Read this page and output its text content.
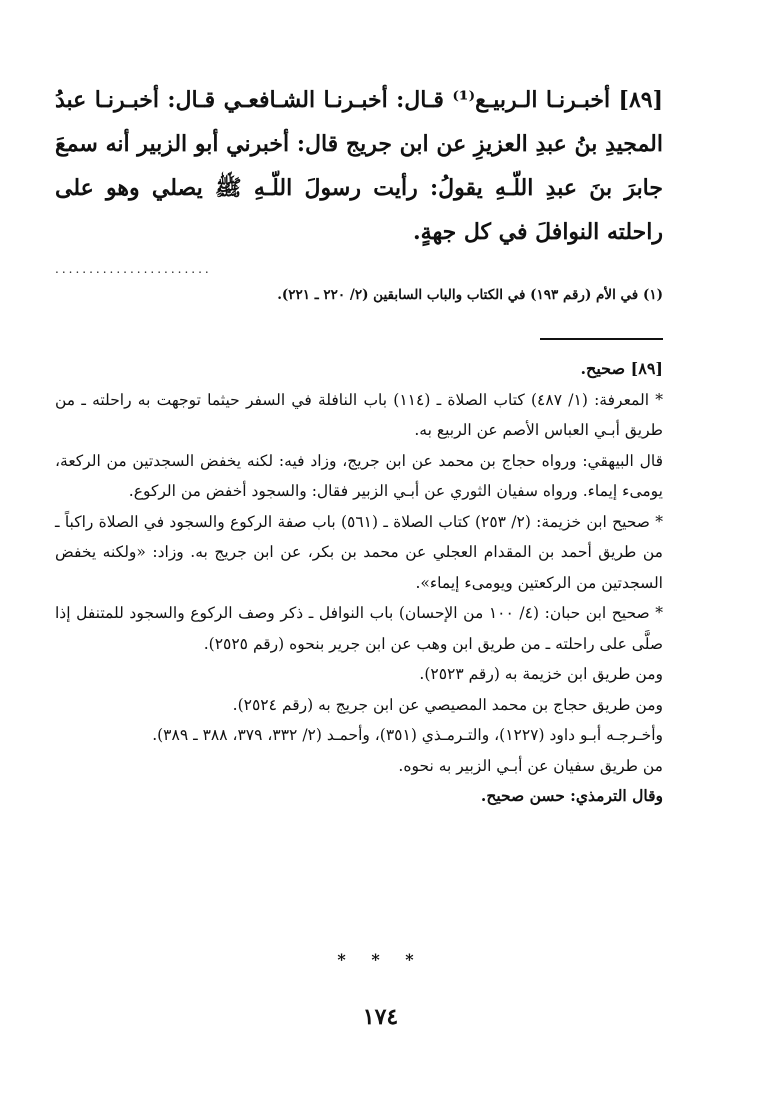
[٨٩] أخبـرنـا الـربيـع⁽¹⁾ قـال: أخبـرنـا الشـافعـي قـال: أخبـرنـا عبدُ المجيدِ بنُ عبدِ العزيزِ عن ابن جريج قال: أخبرني أبو الزبير أنه سمعَ جابرَ بنَ عبدِ اللّـهِ يقولُ: رأيت رسولَ اللّـهِ ﷺ يصلي وهو على راحلته النوافلَ في كل جهةٍ.

.......................
(١) في الأم (رقم ١٩٣) في الكتاب والباب السابقين (٢/ ٢٢٠ ـ ٢٢١).

[٨٩] صحيح.

* المعرفة: (١/ ٤٨٧) كتاب الصلاة ـ (١١٤) باب النافلة في السفر حيثما توجهت به راحلته ـ من طريق أبـي العباس الأصم عن الربيع به.

قال البيهقي: ورواه حجاج بن محمد عن ابن جريج، وزاد فيه: لكنه يخفض السجدتين من الركعة، يومىء إيماء. ورواه سفيان الثوري عن أبـي الزبير فقال: والسجود أخفض من الركوع.

* صحيح ابن خزيمة: (٢/ ٢٥٣) كتاب الصلاة ـ (٥٦١) باب صفة الركوع والسجود في الصلاة راكباً ـ من طريق أحمد بن المقدام العجلي عن محمد بن بكر، عن ابن جريج به. وزاد: «ولكنه يخفض السجدتين من الركعتين ويومىء إيماء».

* صحيح ابن حبان: (٤/ ١٠٠ من الإحسان) باب النوافل ـ ذكر وصف الركوع والسجود للمتنفل إذا صلَّى على راحلته ـ من طريق ابن وهب عن ابن جرير بنحوه (رقم ٢٥٢٥).

ومن طريق ابن خزيمة به (رقم ٢٥٢٣).

ومن طريق حجاج بن محمد المصيصي عن ابن جريج به (رقم ٢٥٢٤).

وأخـرجـه أبـو داود (١٢٢٧)، والتـرمـذي (٣٥١)، وأحمـد (٢/ ٣٣٢، ٣٧٩، ٣٨٨ ـ ٣٨٩).

من طريق سفيان عن أبـي الزبير به نحوه.

وقال الترمذي: حسن صحيح.

* * *
١٧٤
